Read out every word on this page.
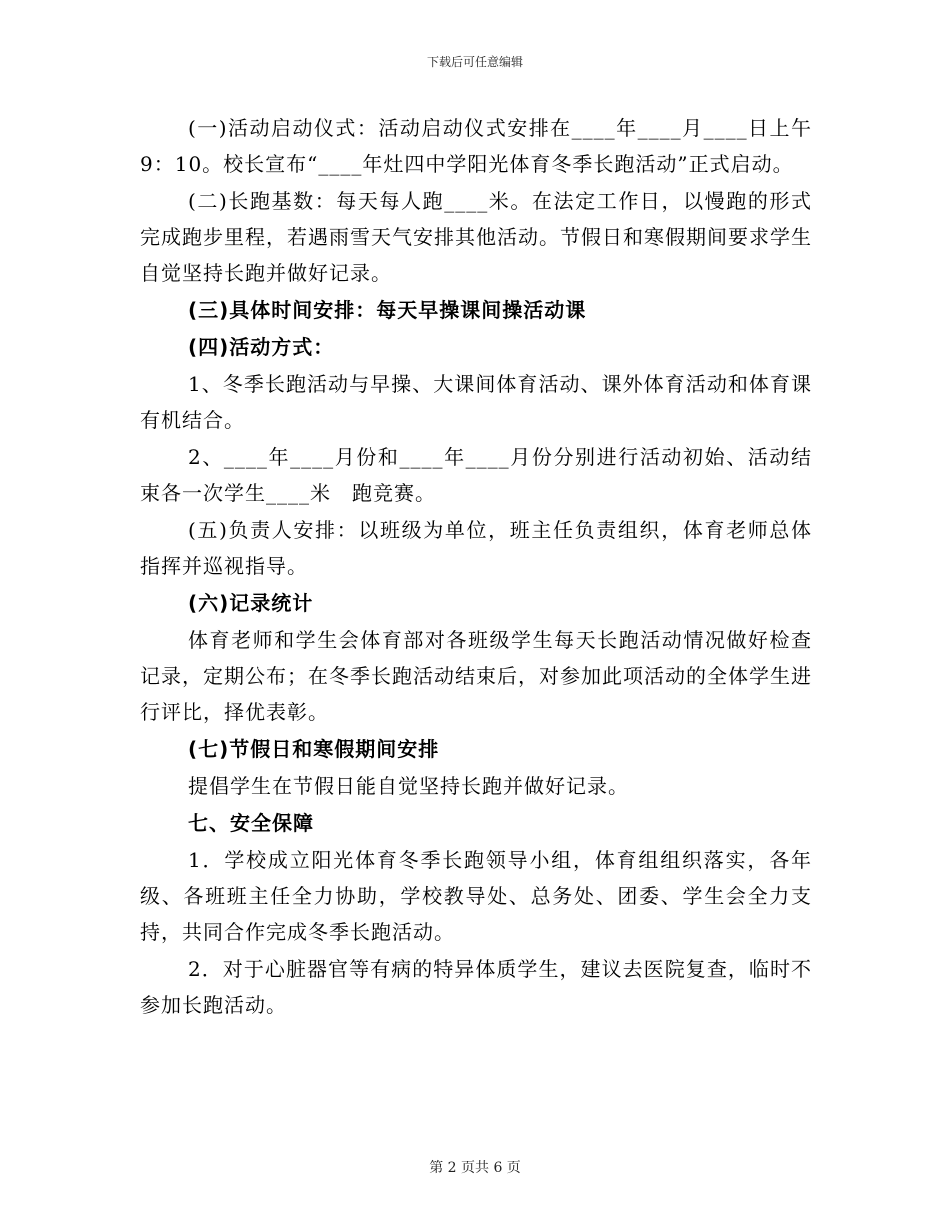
下载后可任意编辑

(一)活动启动仪式：活动启动仪式安排在____年____月____日上午9：10。校长宣布“____年灶四中学阳光体育冬季长跑活动”正式启动。

(二)长跑基数：每天每人跑____米。在法定工作日，以慢跑的形式完成跑步里程，若遇雨雪天气安排其他活动。节假日和寒假期间要求学生自觉坚持长跑并做好记录。

(三)具体时间安排：每天早操课间操活动课

(四)活动方式：

1、冬季长跑活动与早操、大课间体育活动、课外体育活动和体育课有机结合。

2、____年____月份和____年____月份分别进行活动初始、活动结束各一次学生____米　跑竞赛。

(五)负责人安排：以班级为单位，班主任负责组织，体育老师总体指挥并巡视指导。

(六)记录统计

体育老师和学生会体育部对各班级学生每天长跑活动情况做好检查记录，定期公布；在冬季长跑活动结束后，对参加此项活动的全体学生进行评比，择优表彰。

(七)节假日和寒假期间安排

提倡学生在节假日能自觉坚持长跑并做好记录。

七、安全保障

1．学校成立阳光体育冬季长跑领导小组，体育组组织落实，各年级、各班班主任全力协助，学校教导处、总务处、团委、学生会全力支持，共同合作完成冬季长跑活动。

2．对于心脏器官等有病的特异体质学生，建议去医院复查，临时不参加长跑活动。

第 2 页共 6 页
